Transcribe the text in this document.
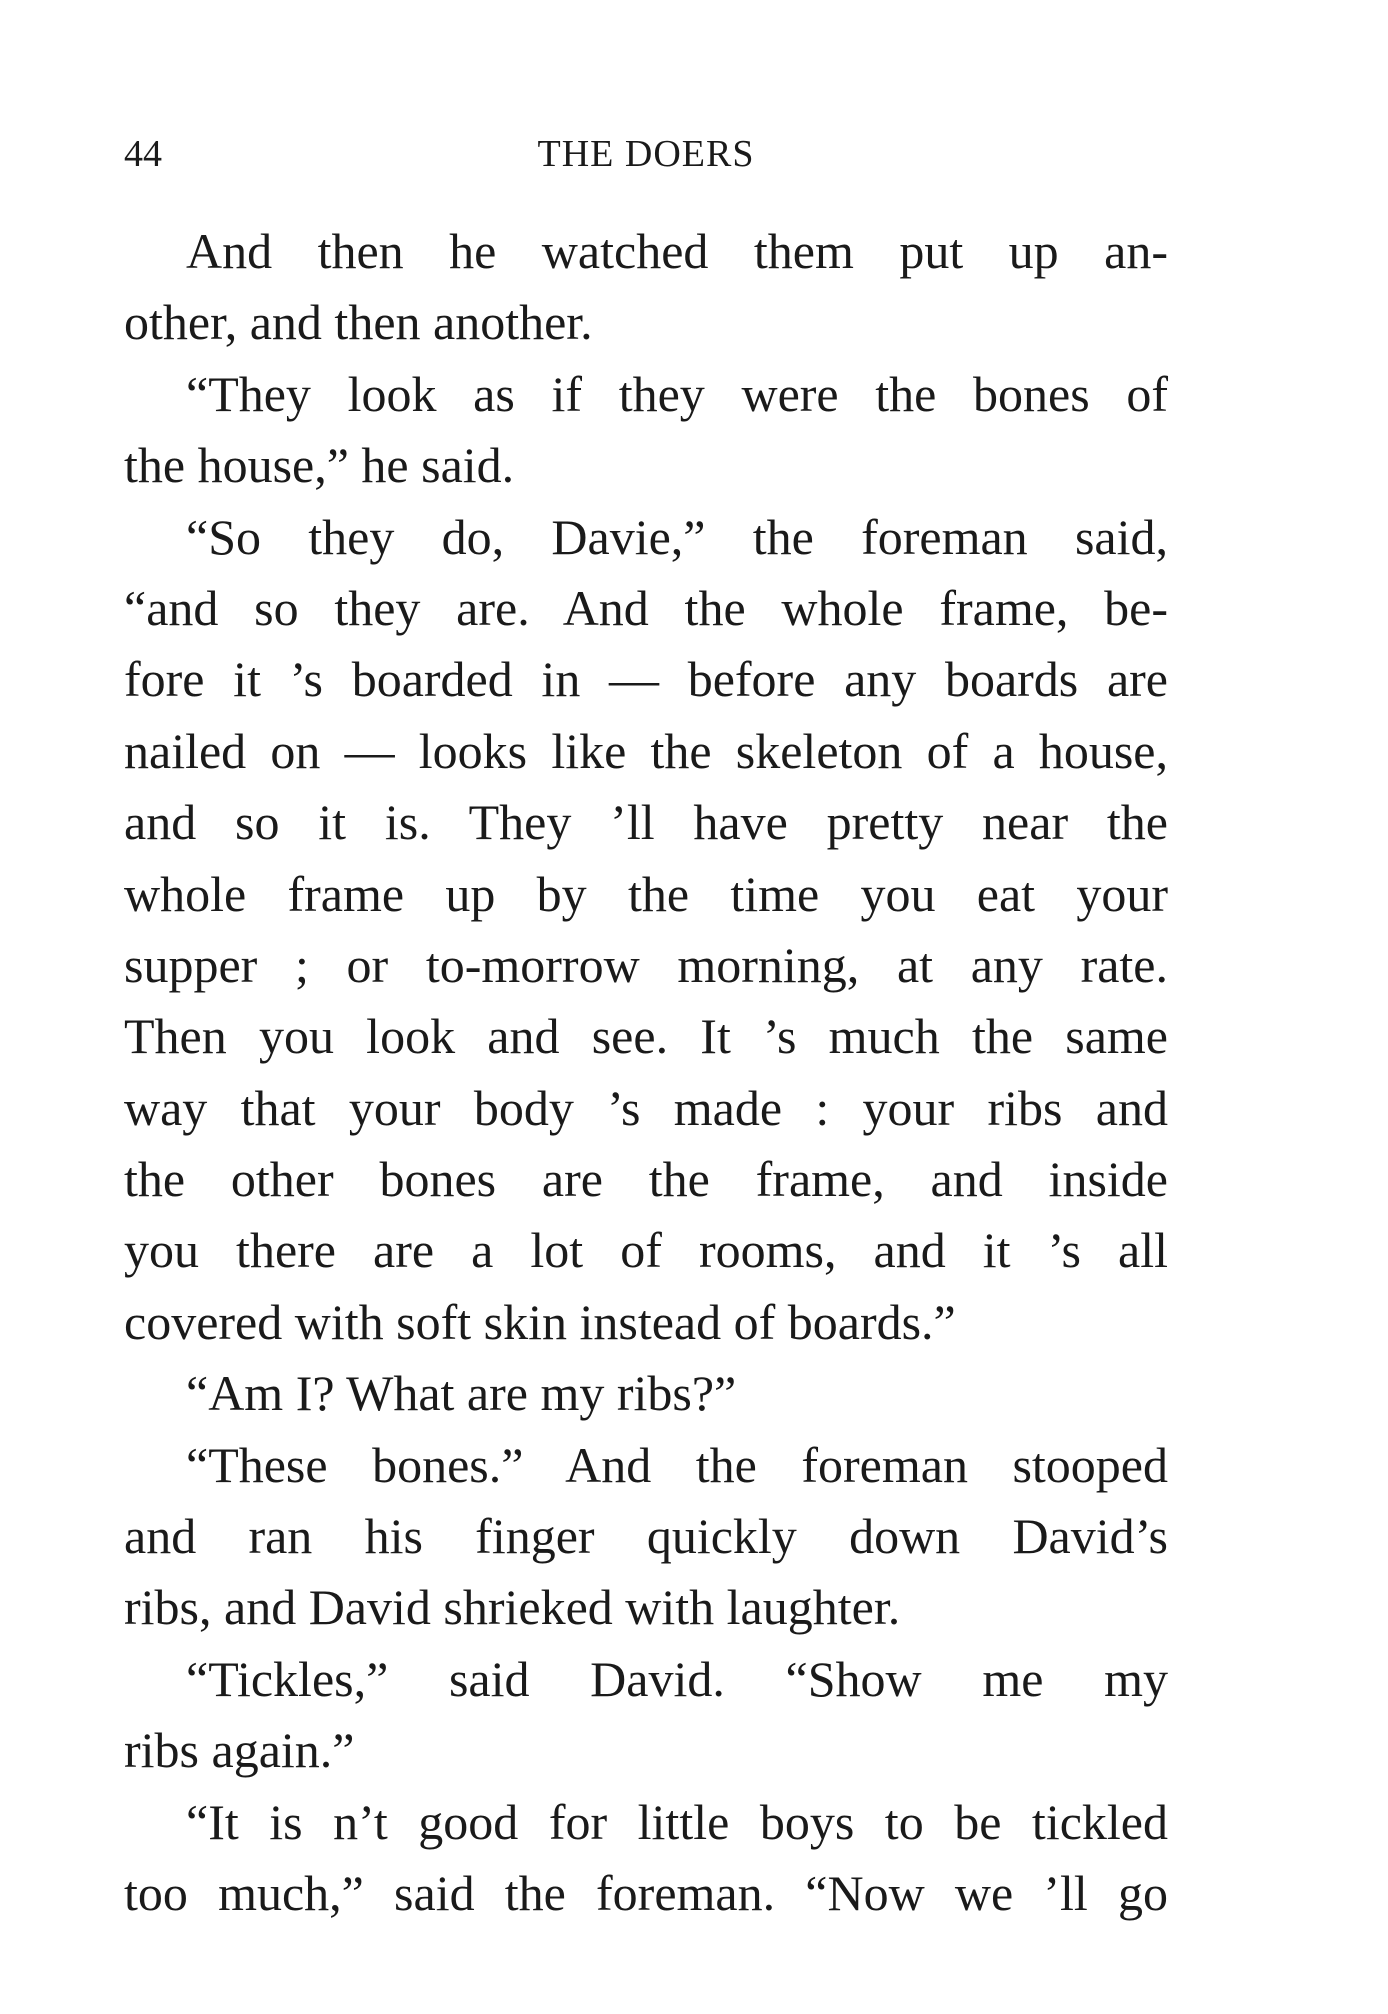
44	THE DOERS
And then he watched them put up an-
other, and then another.
“They look as if they were the bones of
the house,” he said.
“So they do, Davie,” the foreman said,
“and so they are. And the whole frame, be-
fore it ’s boarded in — before any boards are
nailed on — looks like the skeleton of a house,
and so it is. They ’ll have pretty near the
whole frame up by the time you eat your
supper ; or to-morrow morning, at any rate.
Then you look and see. It ’s much the same
way that your body ’s made : your ribs and
the other bones are the frame, and inside
you there are a lot of rooms, and it ’s all
covered with soft skin instead of boards.”
“Am I? What are my ribs?”
“These bones.” And the foreman stooped
and ran his finger quickly down David’s
ribs, and David shrieked with laughter.
“Tickles,” said David. “Show me my
ribs again.”
“It is n’t good for little boys to be tickled
too much,” said the foreman. “Now we ’ll go
